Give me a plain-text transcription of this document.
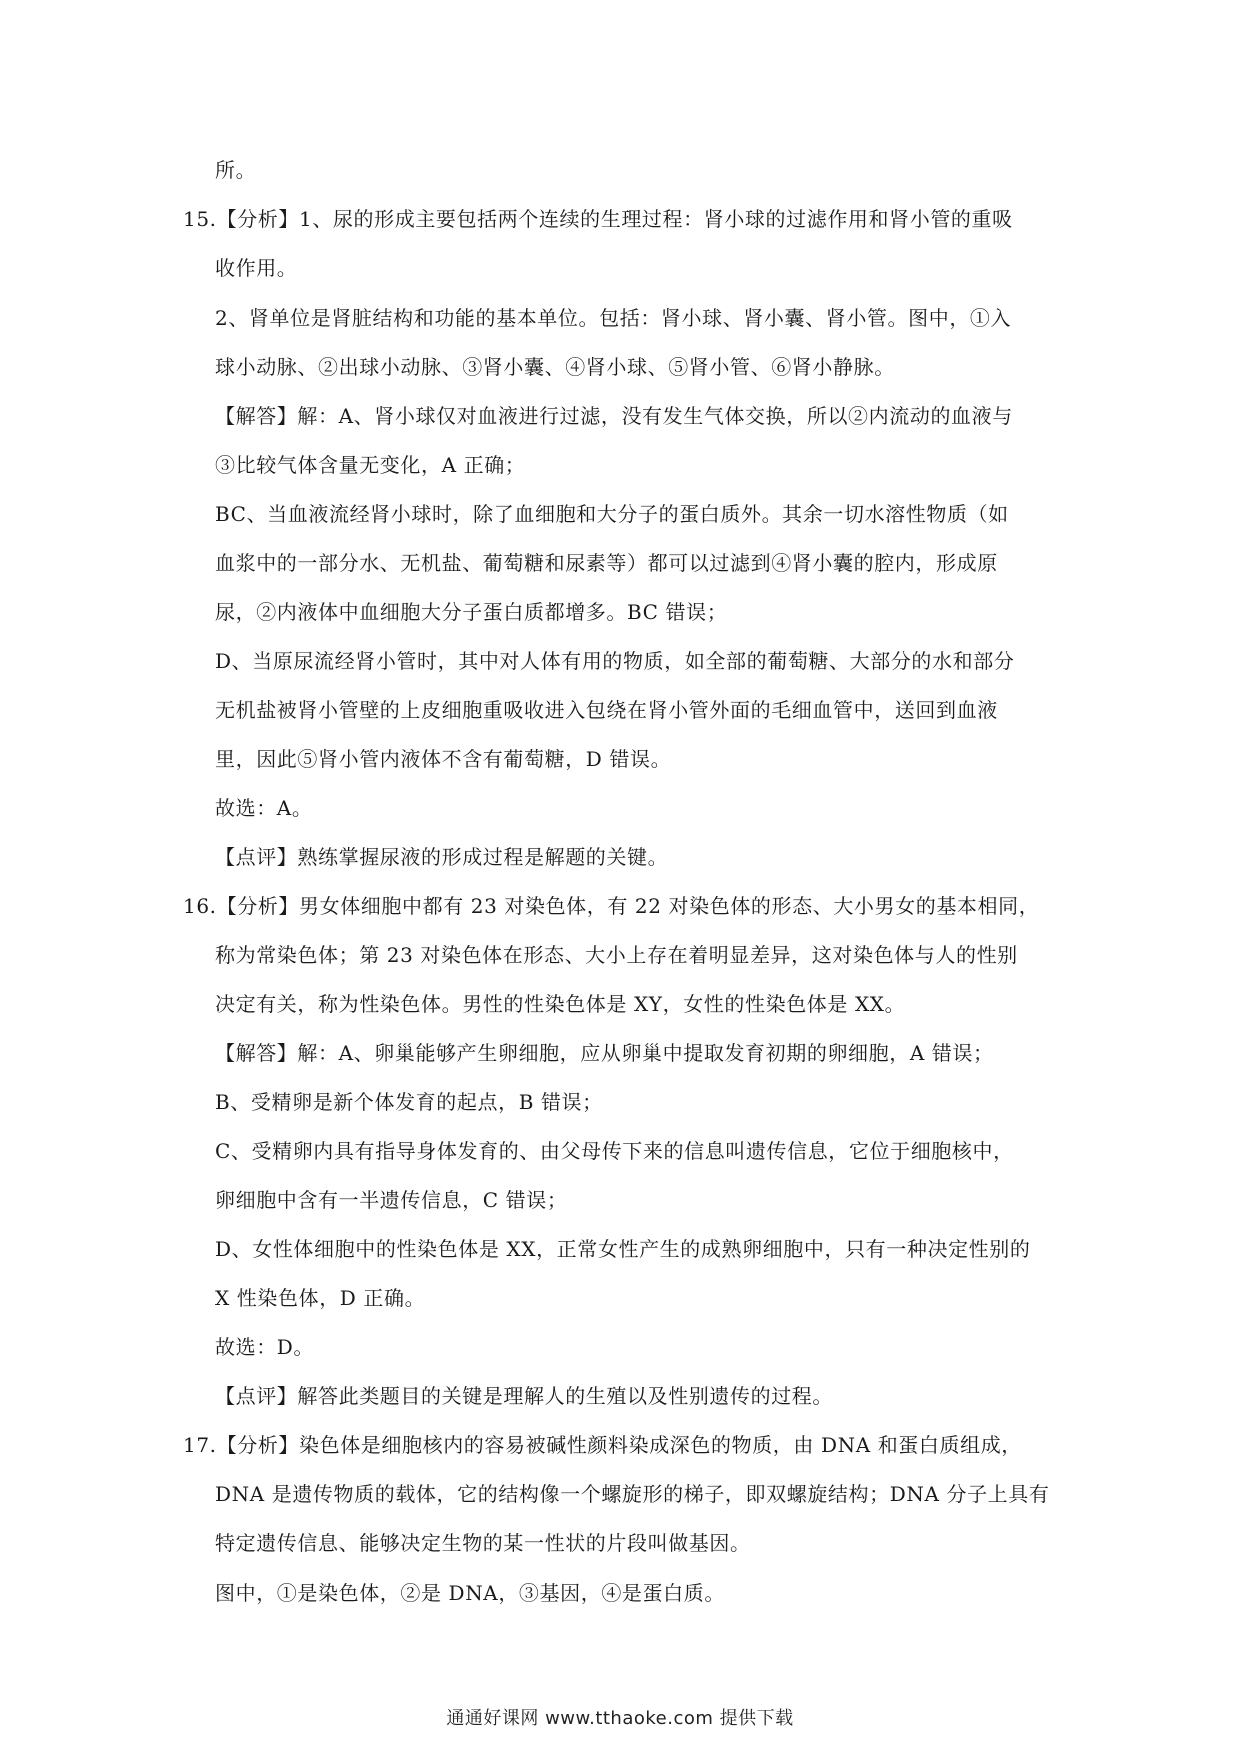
所。
15.【分析】1、尿的形成主要包括两个连续的生理过程：肾小球的过滤作用和肾小管的重吸
收作用。
2、肾单位是肾脏结构和功能的基本单位。包括：肾小球、肾小囊、肾小管。图中，①入
球小动脉、②出球小动脉、③肾小囊、④肾小球、⑤肾小管、⑥肾小静脉。
【解答】解：A、肾小球仅对血液进行过滤，没有发生气体交换，所以②内流动的血液与
③比较气体含量无变化，A 正确；
BC、当血液流经肾小球时，除了血细胞和大分子的蛋白质外。其余一切水溶性物质（如
血浆中的一部分水、无机盐、葡萄糖和尿素等）都可以过滤到④肾小囊的腔内，形成原
尿，②内液体中血细胞大分子蛋白质都增多。BC 错误；
D、当原尿流经肾小管时，其中对人体有用的物质，如全部的葡萄糖、大部分的水和部分
无机盐被肾小管壁的上皮细胞重吸收进入包绕在肾小管外面的毛细血管中，送回到血液
里，因此⑤肾小管内液体不含有葡萄糖，D 错误。
故选：A。
【点评】熟练掌握尿液的形成过程是解题的关键。
16.【分析】男女体细胞中都有 23 对染色体，有 22 对染色体的形态、大小男女的基本相同，
称为常染色体；第 23 对染色体在形态、大小上存在着明显差异，这对染色体与人的性别
决定有关，称为性染色体。男性的性染色体是 XY，女性的性染色体是 XX。
【解答】解：A、卵巢能够产生卵细胞，应从卵巢中提取发育初期的卵细胞，A 错误；
B、受精卵是新个体发育的起点，B 错误；
C、受精卵内具有指导身体发育的、由父母传下来的信息叫遗传信息，它位于细胞核中，
卵细胞中含有一半遗传信息，C 错误；
D、女性体细胞中的性染色体是 XX，正常女性产生的成熟卵细胞中，只有一种决定性别的
X 性染色体，D 正确。
故选：D。
【点评】解答此类题目的关键是理解人的生殖以及性别遗传的过程。
17.【分析】染色体是细胞核内的容易被碱性颜料染成深色的物质，由 DNA 和蛋白质组成，
DNA 是遗传物质的载体，它的结构像一个螺旋形的梯子，即双螺旋结构；DNA 分子上具有
特定遗传信息、能够决定生物的某一性状的片段叫做基因。
图中，①是染色体，②是 DNA，③基因，④是蛋白质。
通通好课网 www.tthaoke.com 提供下载
